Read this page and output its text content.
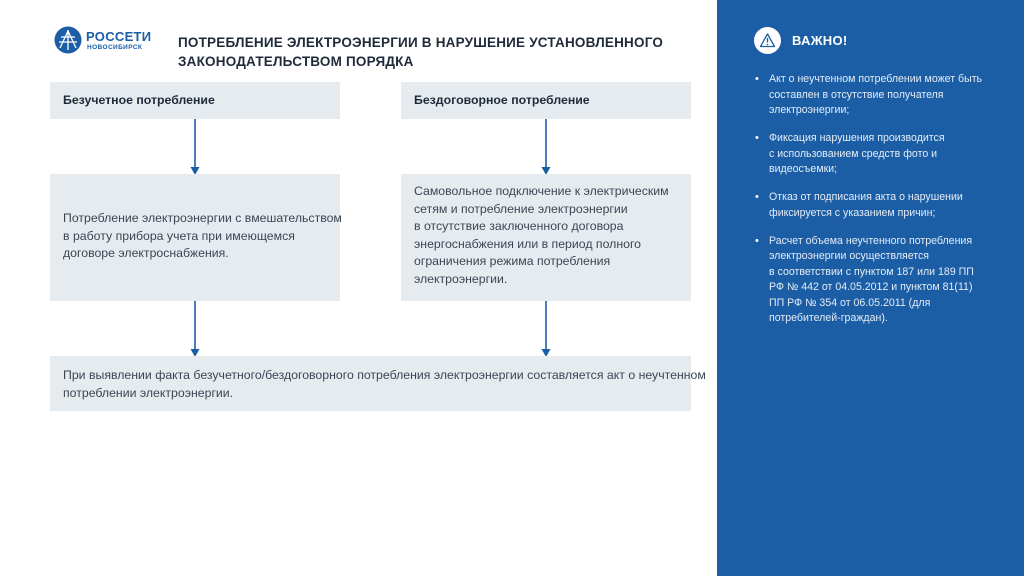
РОССЕТИ
НОВОСИБИРСК	ПОТРЕБЛЕНИЕ ЭЛЕКТРОЭНЕРГИИ В НАРУШЕНИЕ УСТАНОВЛЕННОГО
ЗАКОНОДАТЕЛЬСТВОМ ПОРЯДКА
Безучетное потребление
Потребление электроэнергии с вмешательством
в работу прибора учета при имеющемся
договоре электроснабжения.
Бездоговорное потребление
Самовольное подключение к электрическим
сетям и потребление электроэнергии
в отсутствие заключенного договора
энергоснабжения или в период полного
ограничения режима потребления
электроэнергии.
При выявлении факта безучетного/бездоговорного потребления электроэнергии составляется акт о неучтенном
потреблении электроэнергии.
ВАЖНО!
• Акт о неучтенном потреблении может быть
составлен в отсутствие получателя
электроэнергии;
• Фиксация нарушения производится
с использованием средств фото и
видеосъемки;
• Отказ от подписания акта о нарушении
фиксируется с указанием причин;
• Расчет объема неучтенного потребления
электроэнергии осуществляется
в соответствии с пунктом 187 или 189 ПП
РФ № 442 от 04.05.2012 и пунктом 81(11)
ПП РФ № 354 от 06.05.2011 (для
потребителей-граждан).
